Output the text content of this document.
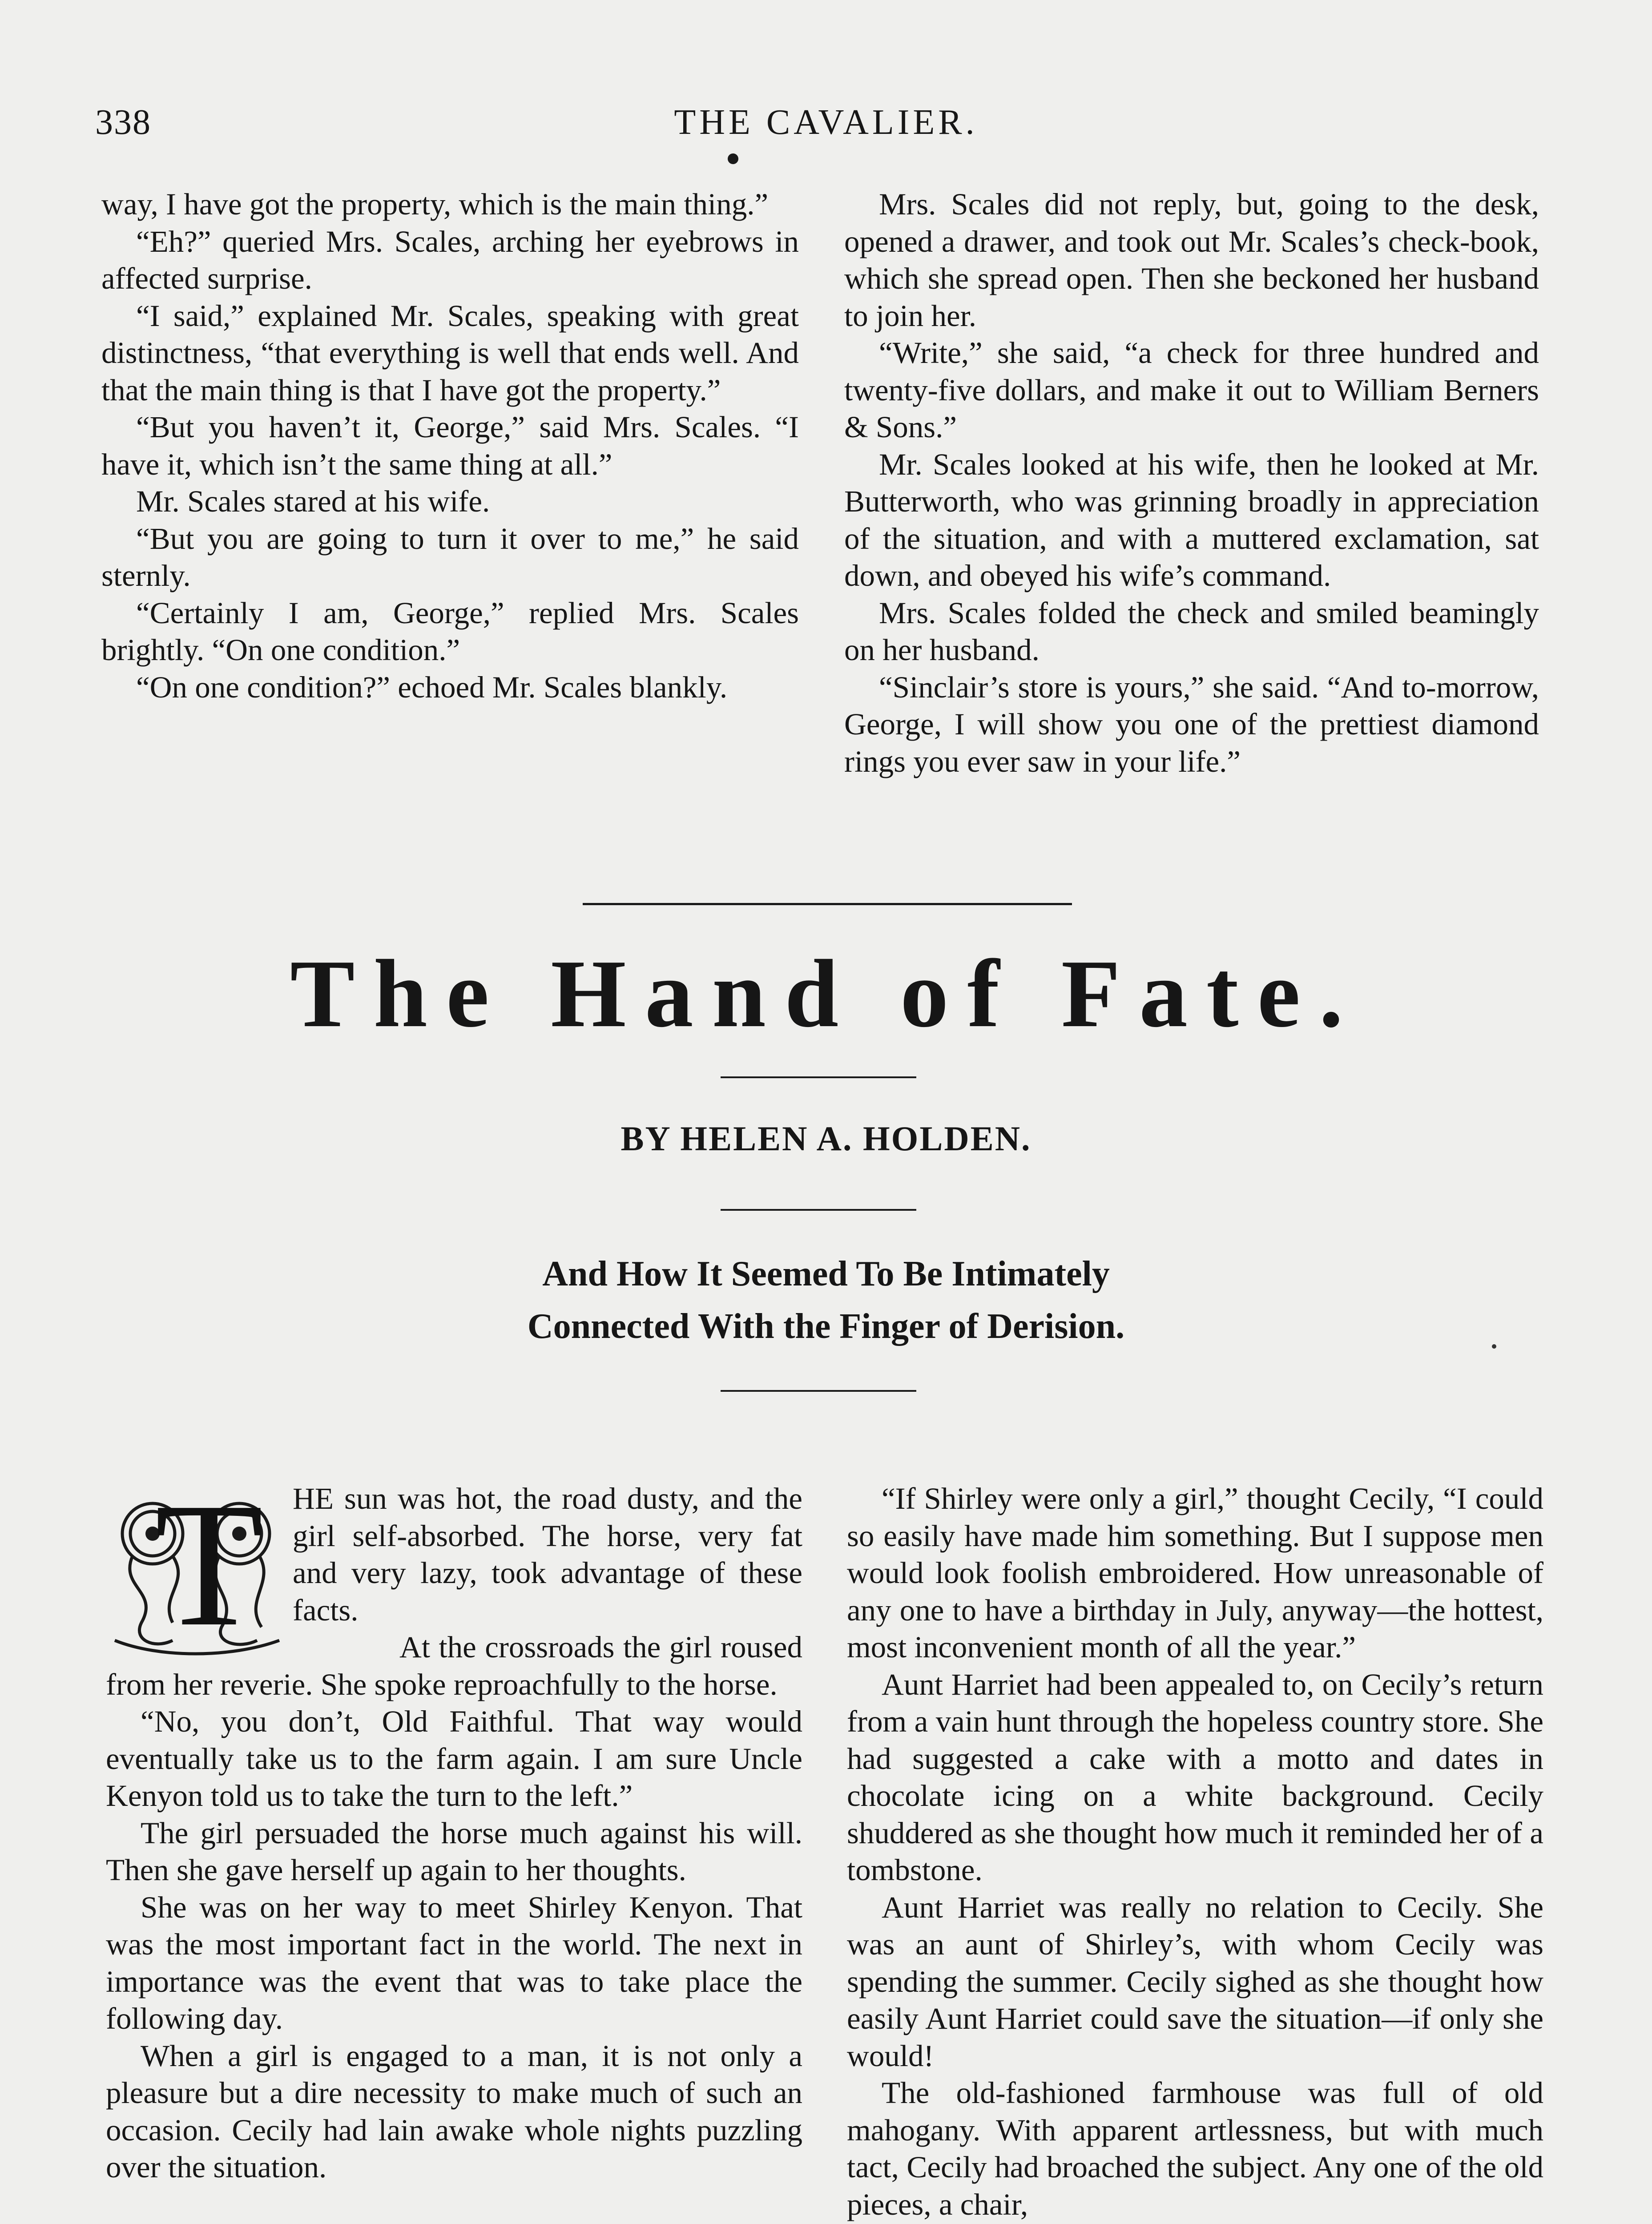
338	THE CAVALIER.

way, I have got the property, which is the main thing.”

“Eh?” queried Mrs. Scales, arching her eyebrows in affected surprise.

“I said,” explained Mr. Scales, speaking with great distinctness, “that everything is well that ends well. And that the main thing is that I have got the property.”

“But you haven’t it, George,” said Mrs. Scales. “I have it, which isn’t the same thing at all.”

Mr. Scales stared at his wife.

“But you are going to turn it over to me,” he said sternly.

“Certainly I am, George,” replied Mrs. Scales brightly. “On one condition.”

“On one condition?” echoed Mr. Scales blankly.

Mrs. Scales did not reply, but, going to the desk, opened a drawer, and took out Mr. Scales’s check-book, which she spread open. Then she beckoned her husband to join her.

“Write,” she said, “a check for three hundred and twenty-five dollars, and make it out to William Berners & Sons.”

Mr. Scales looked at his wife, then he looked at Mr. Butterworth, who was grinning broadly in appreciation of the situation, and with a muttered exclamation, sat down, and obeyed his wife’s command.

Mrs. Scales folded the check and smiled beamingly on her husband.

“Sinclair’s store is yours,” she said. “And to-morrow, George, I will show you one of the prettiest diamond rings you ever saw in your life.”

The Hand of Fate.
BY HELEN A. HOLDEN.
And How It Seemed To Be Intimately
Connected With the Finger of Derision.
T HE sun was hot, the road dusty, and the girl self-absorbed. The horse, very fat and very lazy, took advantage of these facts.

At the crossroads the girl roused from her reverie. She spoke reproachfully to the horse.

“No, you don’t, Old Faithful. That way would eventually take us to the farm again. I am sure Uncle Kenyon told us to take the turn to the left.”

The girl persuaded the horse much against his will. Then she gave herself up again to her thoughts.

She was on her way to meet Shirley Kenyon. That was the most important fact in the world. The next in importance was the event that was to take place the following day.

When a girl is engaged to a man, it is not only a pleasure but a dire necessity to make much of such an occasion. Cecily had lain awake whole nights puzzling over the situation.

“If Shirley were only a girl,” thought Cecily, “I could so easily have made him something. But I suppose men would look foolish embroidered. How unreasonable of any one to have a birthday in July, anyway—the hottest, most inconvenient month of all the year.”

Aunt Harriet had been appealed to, on Cecily’s return from a vain hunt through the hopeless country store. She had suggested a cake with a motto and dates in chocolate icing on a white background. Cecily shuddered as she thought how much it reminded her of a tombstone.

Aunt Harriet was really no relation to Cecily. She was an aunt of Shirley’s, with whom Cecily was spending the summer. Cecily sighed as she thought how easily Aunt Harriet could save the situation—if only she would!

The old-fashioned farmhouse was full of old mahogany. With apparent artlessness, but with much tact, Cecily had broached the subject. Any one of the old pieces, a chair,
